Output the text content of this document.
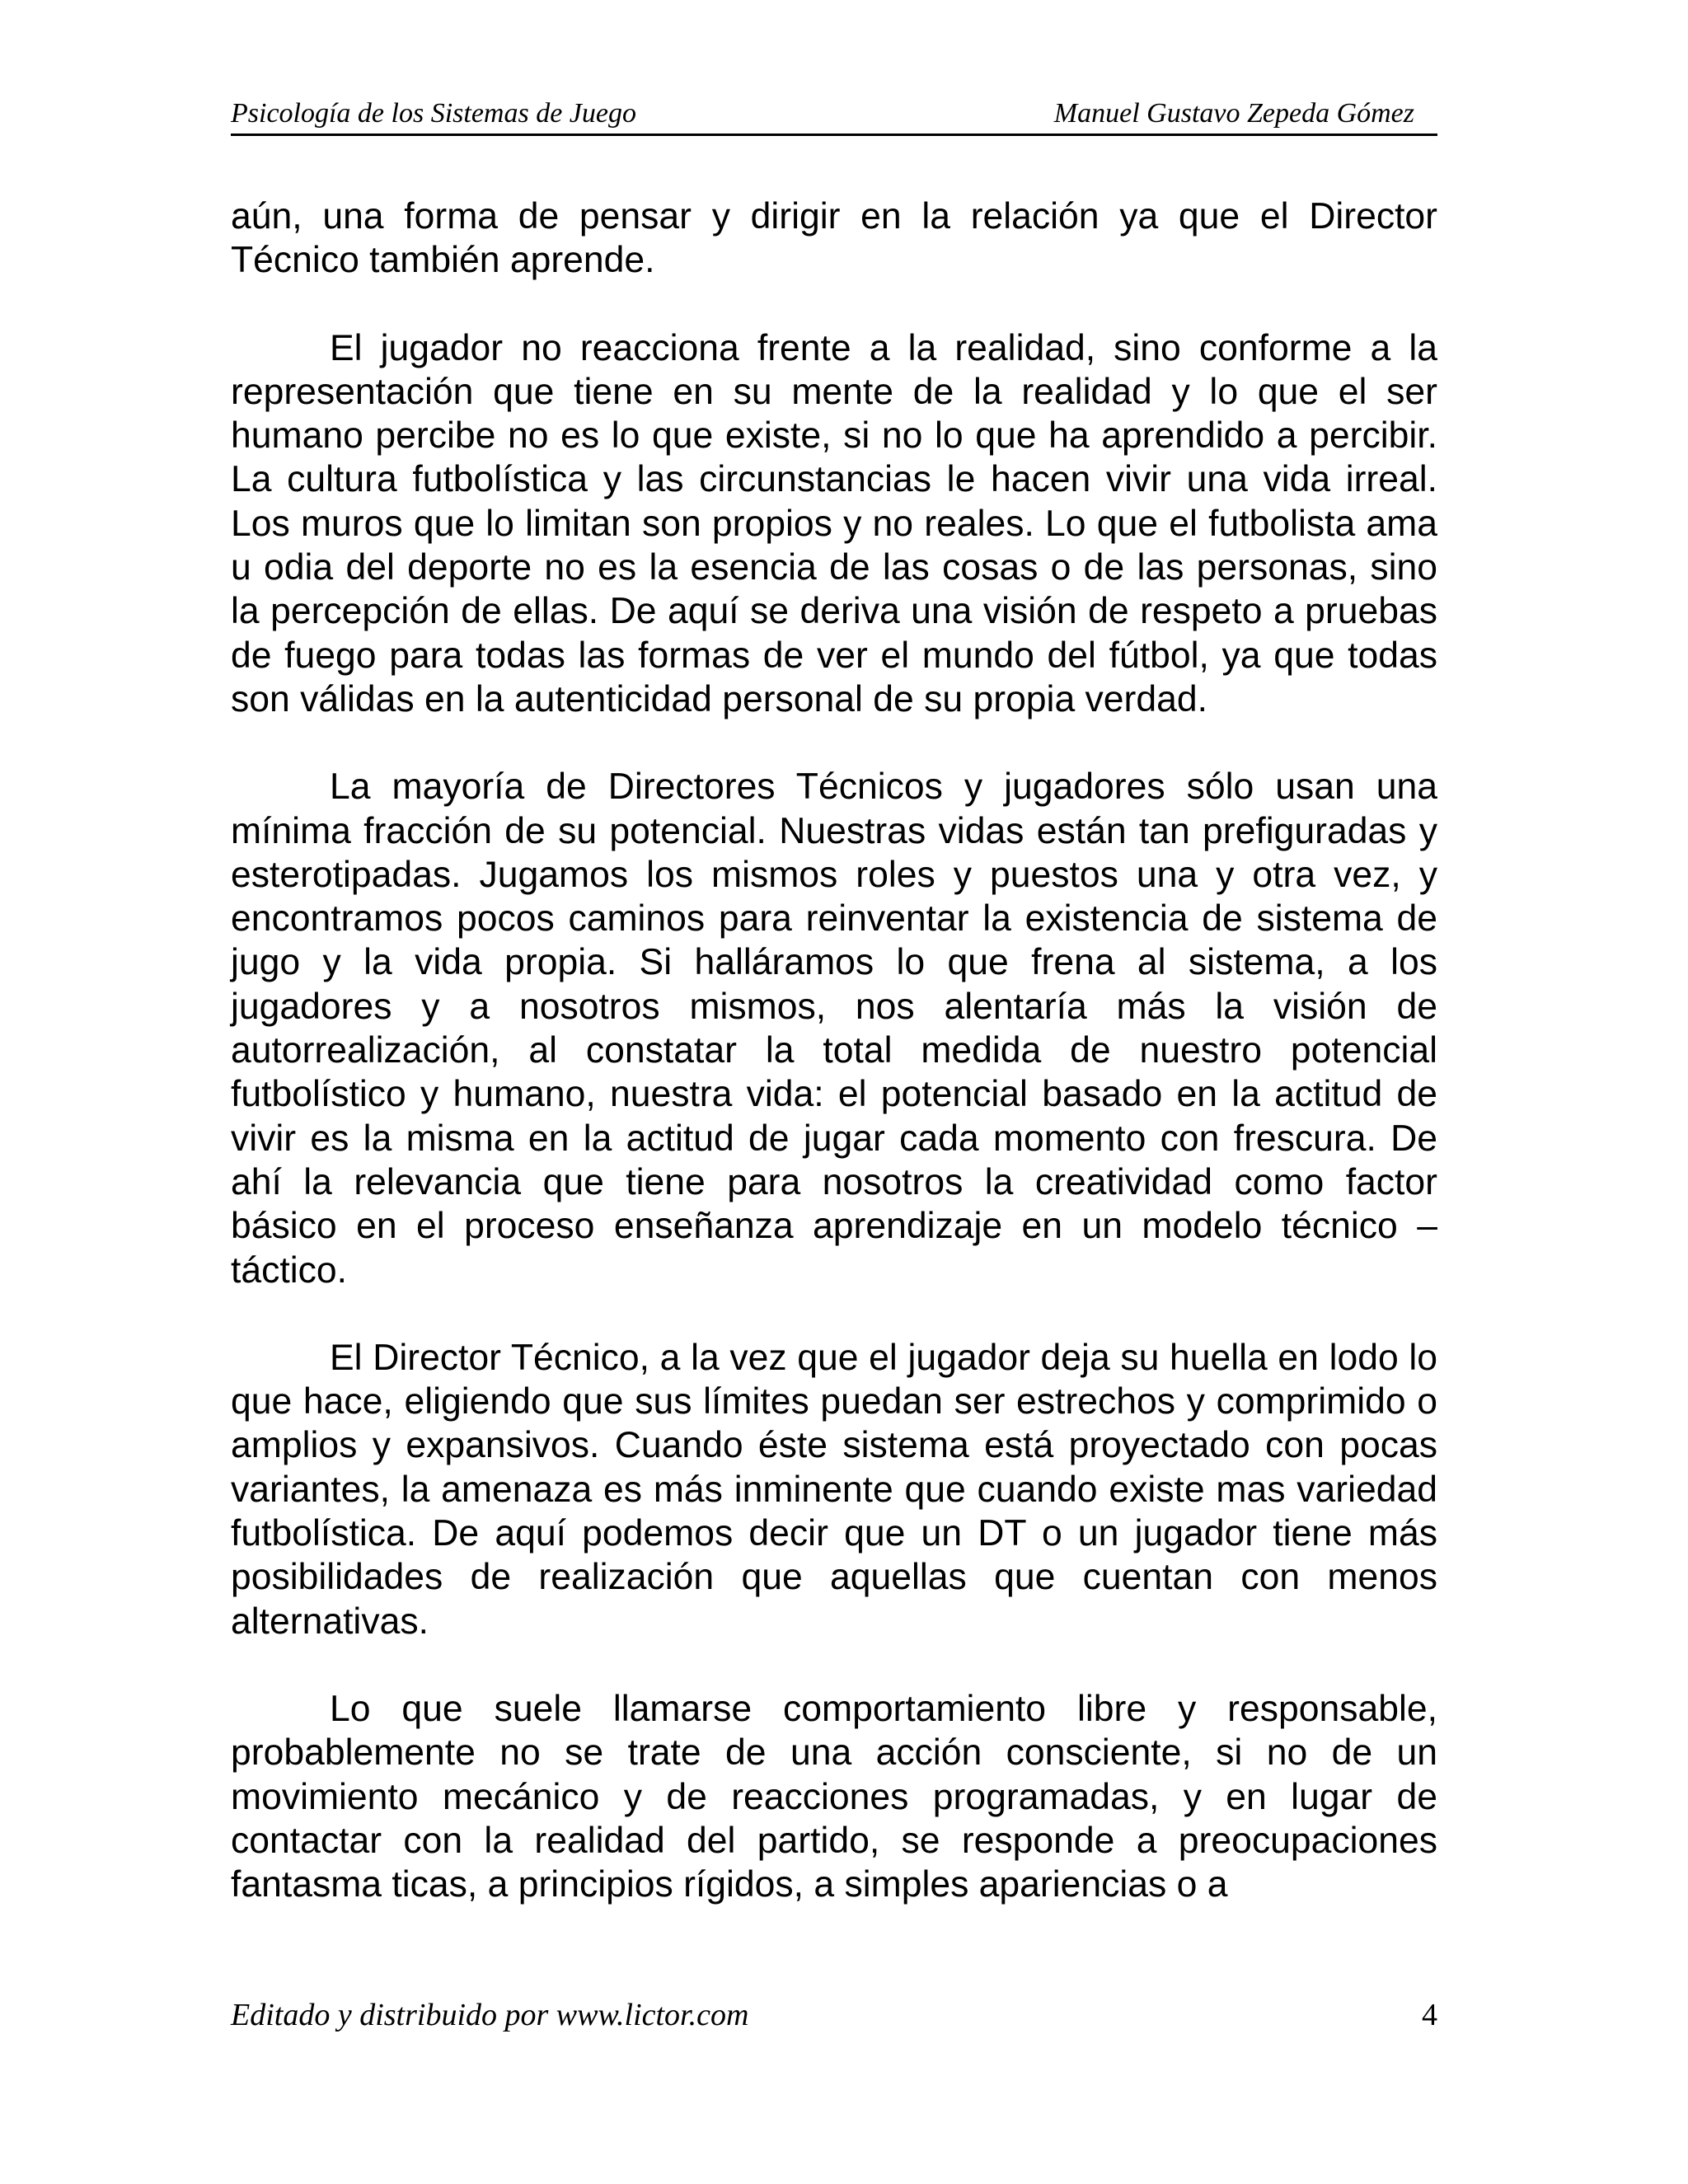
Psicología de los Sistemas de Juego	Manuel Gustavo Zepeda Gómez

aún, una forma de pensar y dirigir en la relación ya que el Director Técnico también aprende.

El jugador no reacciona frente a la realidad, sino conforme a la representación que tiene en su mente de la realidad y lo que el ser humano percibe no es lo que existe, si no lo que ha aprendido a percibir. La cultura futbolística y las circunstancias le hacen vivir una vida irreal. Los muros que lo limitan son propios y no reales. Lo que el futbolista ama u odia del deporte no es la esencia de las cosas o de las personas, sino la percepción de ellas. De aquí se deriva una visión de respeto a pruebas de fuego para todas las formas de ver el mundo del fútbol, ya que todas son válidas en la autenticidad personal de su propia verdad.

La mayoría de Directores Técnicos y jugadores sólo usan una mínima fracción de su potencial. Nuestras vidas están tan prefiguradas y esterotipadas. Jugamos los mismos roles y puestos una y otra vez, y encontramos pocos caminos para reinventar la existencia de sistema de jugo y la vida propia. Si halláramos lo que frena al sistema, a los jugadores y a nosotros mismos, nos alentaría más la visión de autorrealización, al constatar la total medida de nuestro potencial futbolístico y humano, nuestra vida: el potencial basado en la actitud de vivir es la misma en la actitud de jugar cada momento con frescura. De ahí la relevancia que tiene para nosotros la creatividad como factor básico en el proceso enseñanza aprendizaje en un modelo técnico – táctico.

El Director Técnico, a la vez que el jugador deja su huella en lodo lo que hace, eligiendo que sus límites puedan ser estrechos y comprimido o amplios y expansivos. Cuando éste sistema está proyectado con pocas variantes, la amenaza es más inminente que cuando existe mas variedad futbolística. De aquí podemos decir que un DT o un jugador tiene más posibilidades de realización que aquellas que cuentan con menos alternativas.

Lo que suele llamarse comportamiento libre y responsable, probablemente no se trate de una acción consciente, si no de un movimiento mecánico y de reacciones programadas, y en lugar de contactar con la realidad del partido, se responde a preocupaciones fantasma ticas, a principios rígidos, a simples apariencias o a

Editado y distribuido por www.lictor.com	4
